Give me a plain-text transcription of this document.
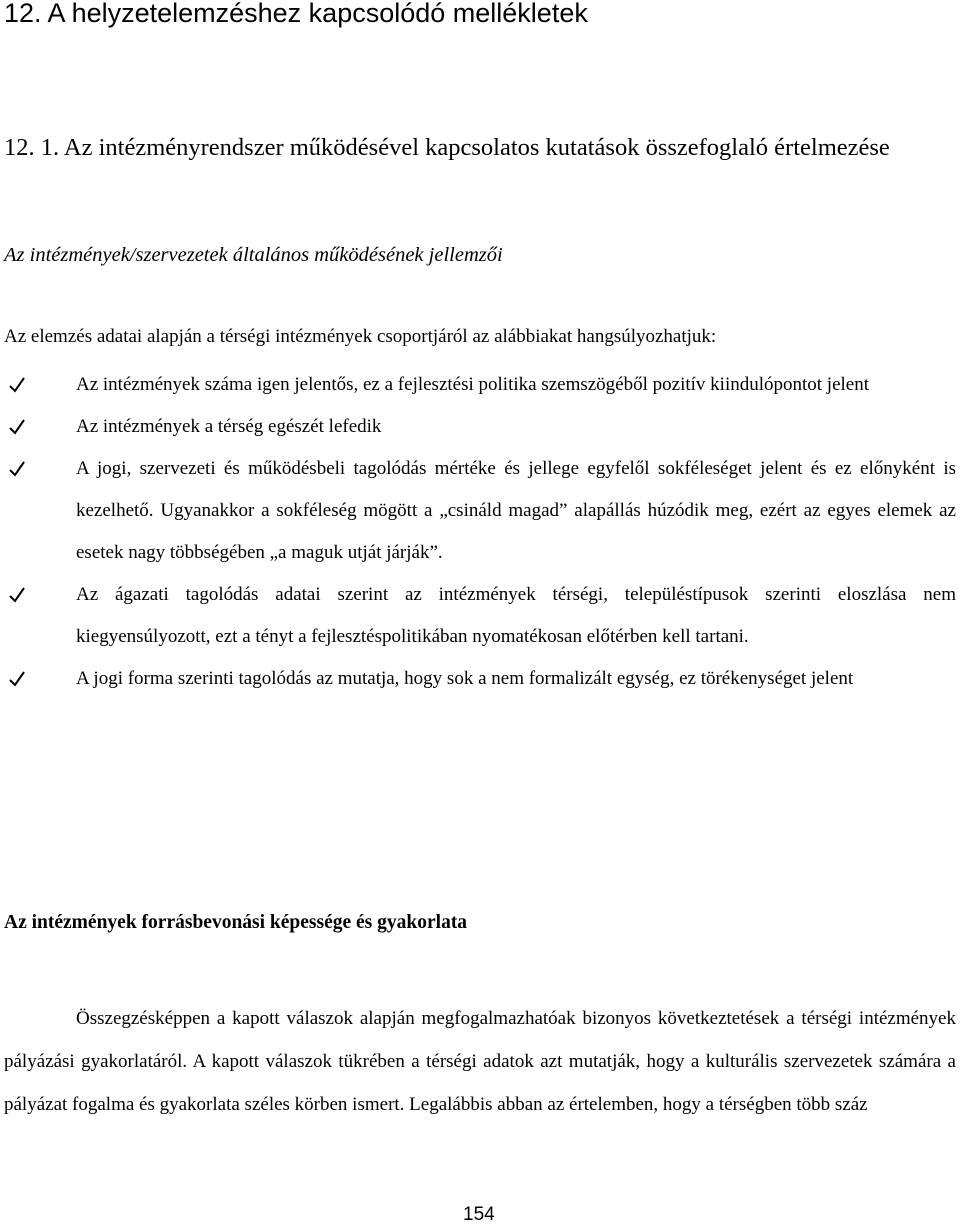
12. A helyzetelemzéshez kapcsolódó mellékletek
12. 1. Az intézményrendszer működésével kapcsolatos kutatások összefoglaló értelmezése
Az intézmények/szervezetek általános működésének jellemzői
Az elemzés adatai alapján a térségi intézmények csoportjáról az alábbiakat hangsúlyozhatjuk:
Az intézmények száma igen jelentős, ez a fejlesztési politika szemszögéből pozitív kiindulópontot jelent
Az intézmények a térség egészét lefedik
A jogi, szervezeti és működésbeli tagolódás mértéke és jellege egyfelől sokféleséget jelent és ez előnyként is kezelhető. Ugyanakkor a sokféleség mögött a „csináld magad” alapállás húzódik meg, ezért az egyes elemek az esetek nagy többségében „a maguk utját járják”.
Az ágazati tagolódás adatai szerint az intézmények térségi, településtípusok szerinti eloszlása nem kiegyensúlyozott, ezt a tényt a fejlesztéspolitikában nyomatékosan előtérben kell tartani.
A jogi forma szerinti tagolódás az mutatja, hogy sok a nem formalizált egység, ez törékenységet jelent
Az intézmények forrásbevonási képessége és gyakorlata

Összegzésképpen a kapott válaszok alapján megfogalmazhatóak bizonyos következtetések a térségi intézmények pályázási gyakorlatáról. A kapott válaszok tükrében a térségi adatok azt mutatják, hogy a kulturális szervezetek számára a pályázat fogalma és gyakorlata széles körben ismert. Legalábbis abban az értelemben, hogy a térségben több száz

154
